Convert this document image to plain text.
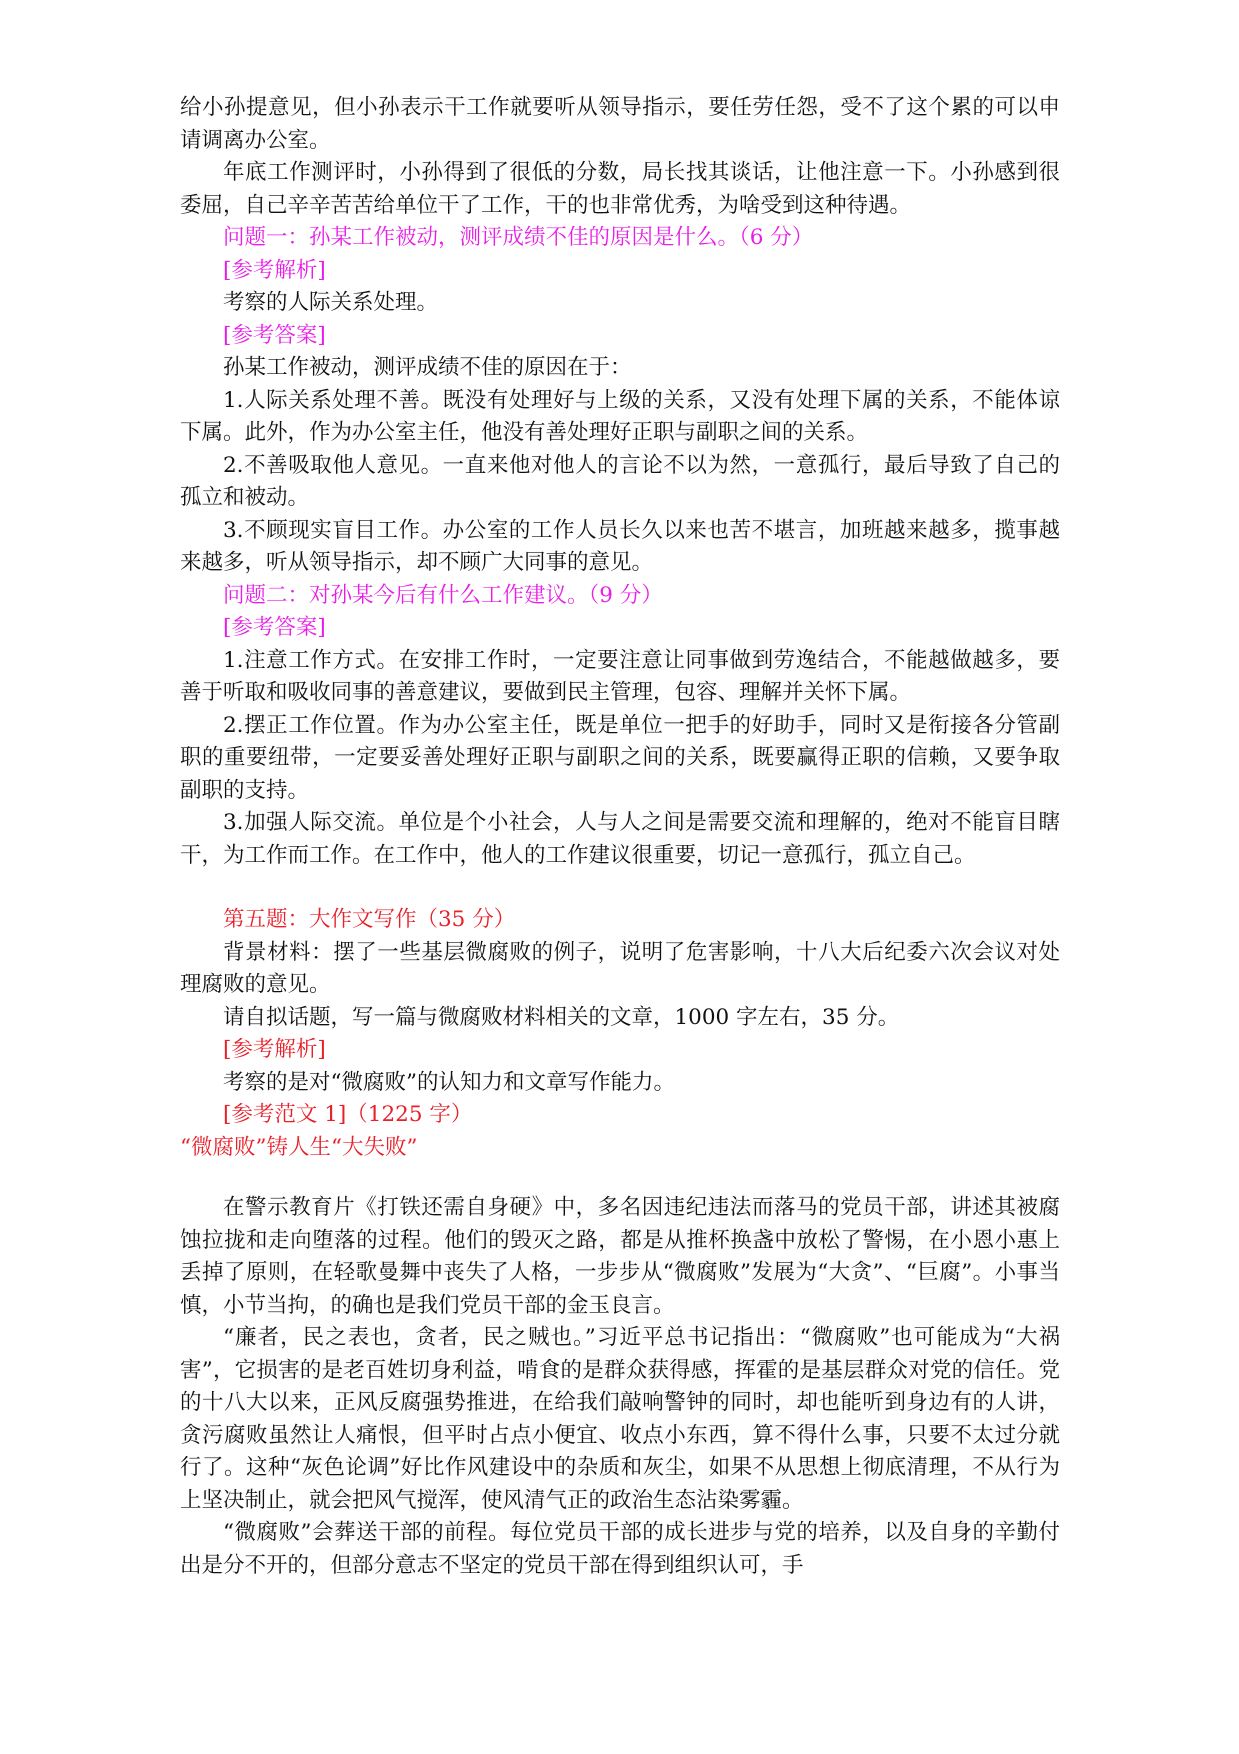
给小孙提意见，但小孙表示干工作就要听从领导指示，要任劳任怨，受不了这个累的可以申请调离办公室。

年底工作测评时，小孙得到了很低的分数，局长找其谈话，让他注意一下。小孙感到很委屈，自己辛辛苦苦给单位干了工作，干的也非常优秀，为啥受到这种待遇。

问题一：孙某工作被动，测评成绩不佳的原因是什么。（6 分）

[参考解析]

考察的人际关系处理。

[参考答案]

孙某工作被动，测评成绩不佳的原因在于：

1.人际关系处理不善。既没有处理好与上级的关系，又没有处理下属的关系，不能体谅下属。此外，作为办公室主任，他没有善处理好正职与副职之间的关系。

2.不善吸取他人意见。一直来他对他人的言论不以为然，一意孤行，最后导致了自己的孤立和被动。

3.不顾现实盲目工作。办公室的工作人员长久以来也苦不堪言，加班越来越多，揽事越来越多，听从领导指示，却不顾广大同事的意见。

问题二：对孙某今后有什么工作建议。（9 分）

[参考答案]

1.注意工作方式。在安排工作时，一定要注意让同事做到劳逸结合，不能越做越多，要善于听取和吸收同事的善意建议，要做到民主管理，包容、理解并关怀下属。

2.摆正工作位置。作为办公室主任，既是单位一把手的好助手，同时又是衔接各分管副职的重要纽带，一定要妥善处理好正职与副职之间的关系，既要赢得正职的信赖，又要争取副职的支持。

3.加强人际交流。单位是个小社会，人与人之间是需要交流和理解的，绝对不能盲目瞎干，为工作而工作。在工作中，他人的工作建议很重要，切记一意孤行，孤立自己。

第五题：大作文写作（35 分）

背景材料：摆了一些基层微腐败的例子，说明了危害影响，十八大后纪委六次会议对处理腐败的意见。

请自拟话题，写一篇与微腐败材料相关的文章，1000 字左右，35 分。

[参考解析]

考察的是对“微腐败”的认知力和文章写作能力。

[参考范文 1]（1225 字）

“微腐败”铸人生“大失败”

在警示教育片《打铁还需自身硬》中，多名因违纪违法而落马的党员干部，讲述其被腐蚀拉拢和走向堕落的过程。他们的毁灭之路，都是从推杯换盏中放松了警惕，在小恩小惠上丢掉了原则，在轻歌曼舞中丧失了人格，一步步从“微腐败”发展为“大贪”、“巨腐”。小事当慎，小节当拘，的确也是我们党员干部的金玉良言。

“廉者，民之表也，贪者，民之贼也。”习近平总书记指出：“微腐败”也可能成为“大祸害”，它损害的是老百姓切身利益，啃食的是群众获得感，挥霍的是基层群众对党的信任。党的十八大以来，正风反腐强势推进，在给我们敲响警钟的同时，却也能听到身边有的人讲，贪污腐败虽然让人痛恨，但平时占点小便宜、收点小东西，算不得什么事，只要不太过分就行了。这种“灰色论调”好比作风建设中的杂质和灰尘，如果不从思想上彻底清理，不从行为上坚决制止，就会把风气搅浑，使风清气正的政治生态沾染雾霾。

“微腐败”会葬送干部的前程。每位党员干部的成长进步与党的培养，以及自身的辛勤付出是分不开的，但部分意志不坚定的党员干部在得到组织认可，手
